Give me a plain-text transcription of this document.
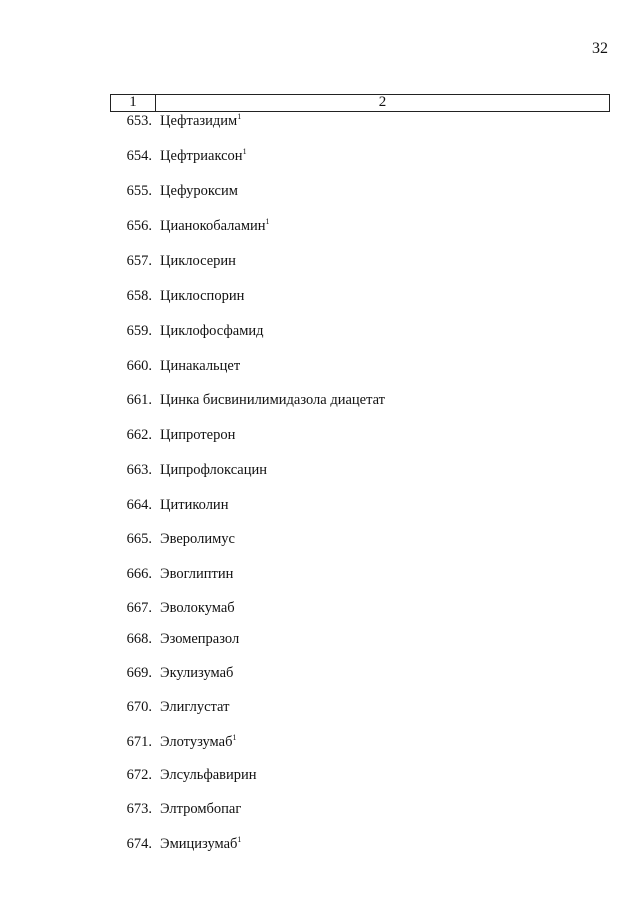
32
1	2
653. Цефтазидим$^1$
654. Цефтриаксон$^1$
655. Цефуроксим
656. Цианокобаламин$^1$
657. Циклосерин
658. Циклоспорин
659. Циклофосфамид
660. Цинакальцет
661. Цинка бисвинилимидазола диацетат
662. Ципротерон
663. Ципрофлоксацин
664. Цитиколин
665. Эверолимус
666. Эвоглиптин
667. Эволокумаб
668. Эзомепразол
669. Экулизумаб
670. Элиглустат
671. Элотузумаб$^1$
672. Элсульфавирин
673. Элтромбопаг
674. Эмицизумаб$^1$
